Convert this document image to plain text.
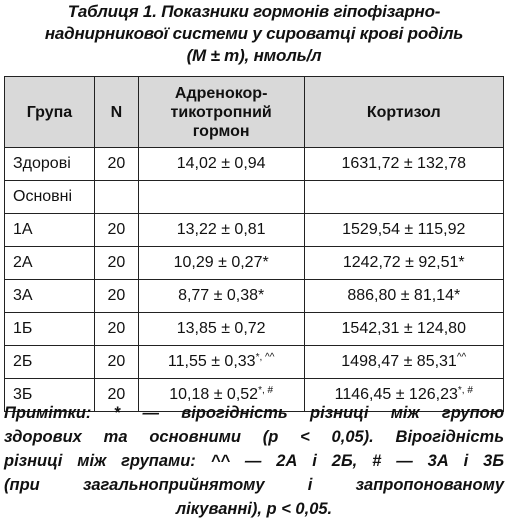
Таблиця 1. Показники гормонів гіпофізарно-
наднирникової системи у сироватці крові роділь
(M ± m), нмоль/л
Група	N	Адренокор-
тикотропний
гормон	Кортизол
Здорові	20	14,02 ± 0,94	1631,72 ± 132,78
Основні			
1А	20	13,22 ± 0,81	1529,54 ± 115,92
2А	20	10,29 ± 0,27*	1242,72 ± 92,51*
3А	20	8,77 ± 0,38*	886,80 ± 81,14*
1Б	20	13,85 ± 0,72	1542,31 ± 124,80
2Б	20	11,55 ± 0,33*, ^^	1498,47 ± 85,31^^
3Б	20	10,18 ± 0,52*, #	1146,45 ± 126,23*, #
Примітки: * — вірогідність різниці між групою
здорових та основними (р < 0,05). Вірогідність
різниці між групами: ^^ — 2А і 2Б, # — 3А і 3Б
(при загальноприйнятому і запропонованому
лікуванні), р < 0,05.
